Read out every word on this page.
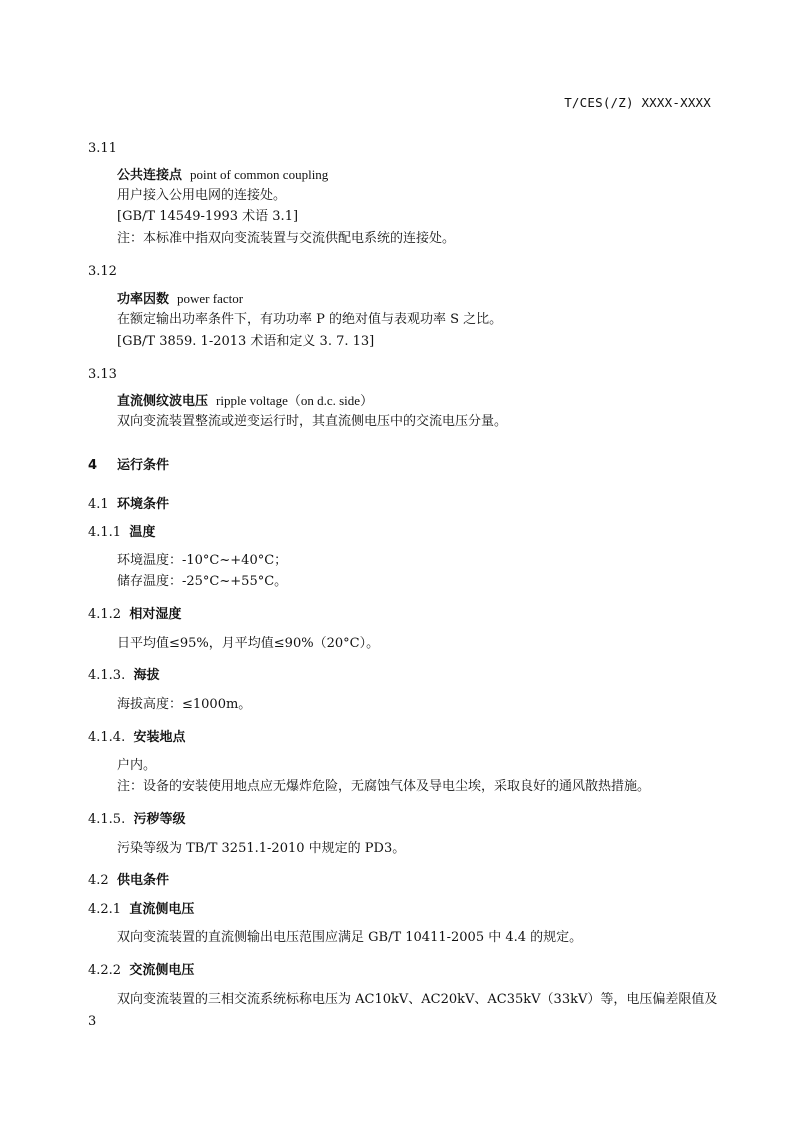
T/CES(/Z) XXXX-XXXX
3.11
公共连接点 point of common coupling
用户接入公用电网的连接处。
[GB/T 14549-1993 术语 3.1]
注：本标准中指双向变流装置与交流供配电系统的连接处。
3.12
功率因数 power factor
在额定输出功率条件下，有功功率 P 的绝对值与表观功率 S 之比。
[GB/T 3859. 1-2013 术语和定义 3. 7. 13]
3.13
直流侧纹波电压 ripple voltage（on d.c. side）
双向变流装置整流或逆变运行时，其直流侧电压中的交流电压分量。
4 运行条件
4.1 环境条件
4.1.1 温度
环境温度：-10°C~+40°C；
储存温度：-25°C~+55°C。
4.1.2 相对湿度
日平均值≤95%，月平均值≤90%（20°C）。
4.1.3. 海拔
海拔高度：≤1000m。
4.1.4. 安装地点
户内。
注：设备的安装使用地点应无爆炸危险，无腐蚀气体及导电尘埃，采取良好的通风散热措施。
4.1.5. 污秽等级
污染等级为 TB/T 3251.1-2010 中规定的 PD3。
4.2 供电条件
4.2.1 直流侧电压
双向变流装置的直流侧输出电压范围应满足 GB/T 10411-2005 中 4.4 的规定。
4.2.2 交流侧电压
双向变流装置的三相交流系统标称电压为 AC10kV、AC20kV、AC35kV（33kV）等，电压偏差限值及
3
